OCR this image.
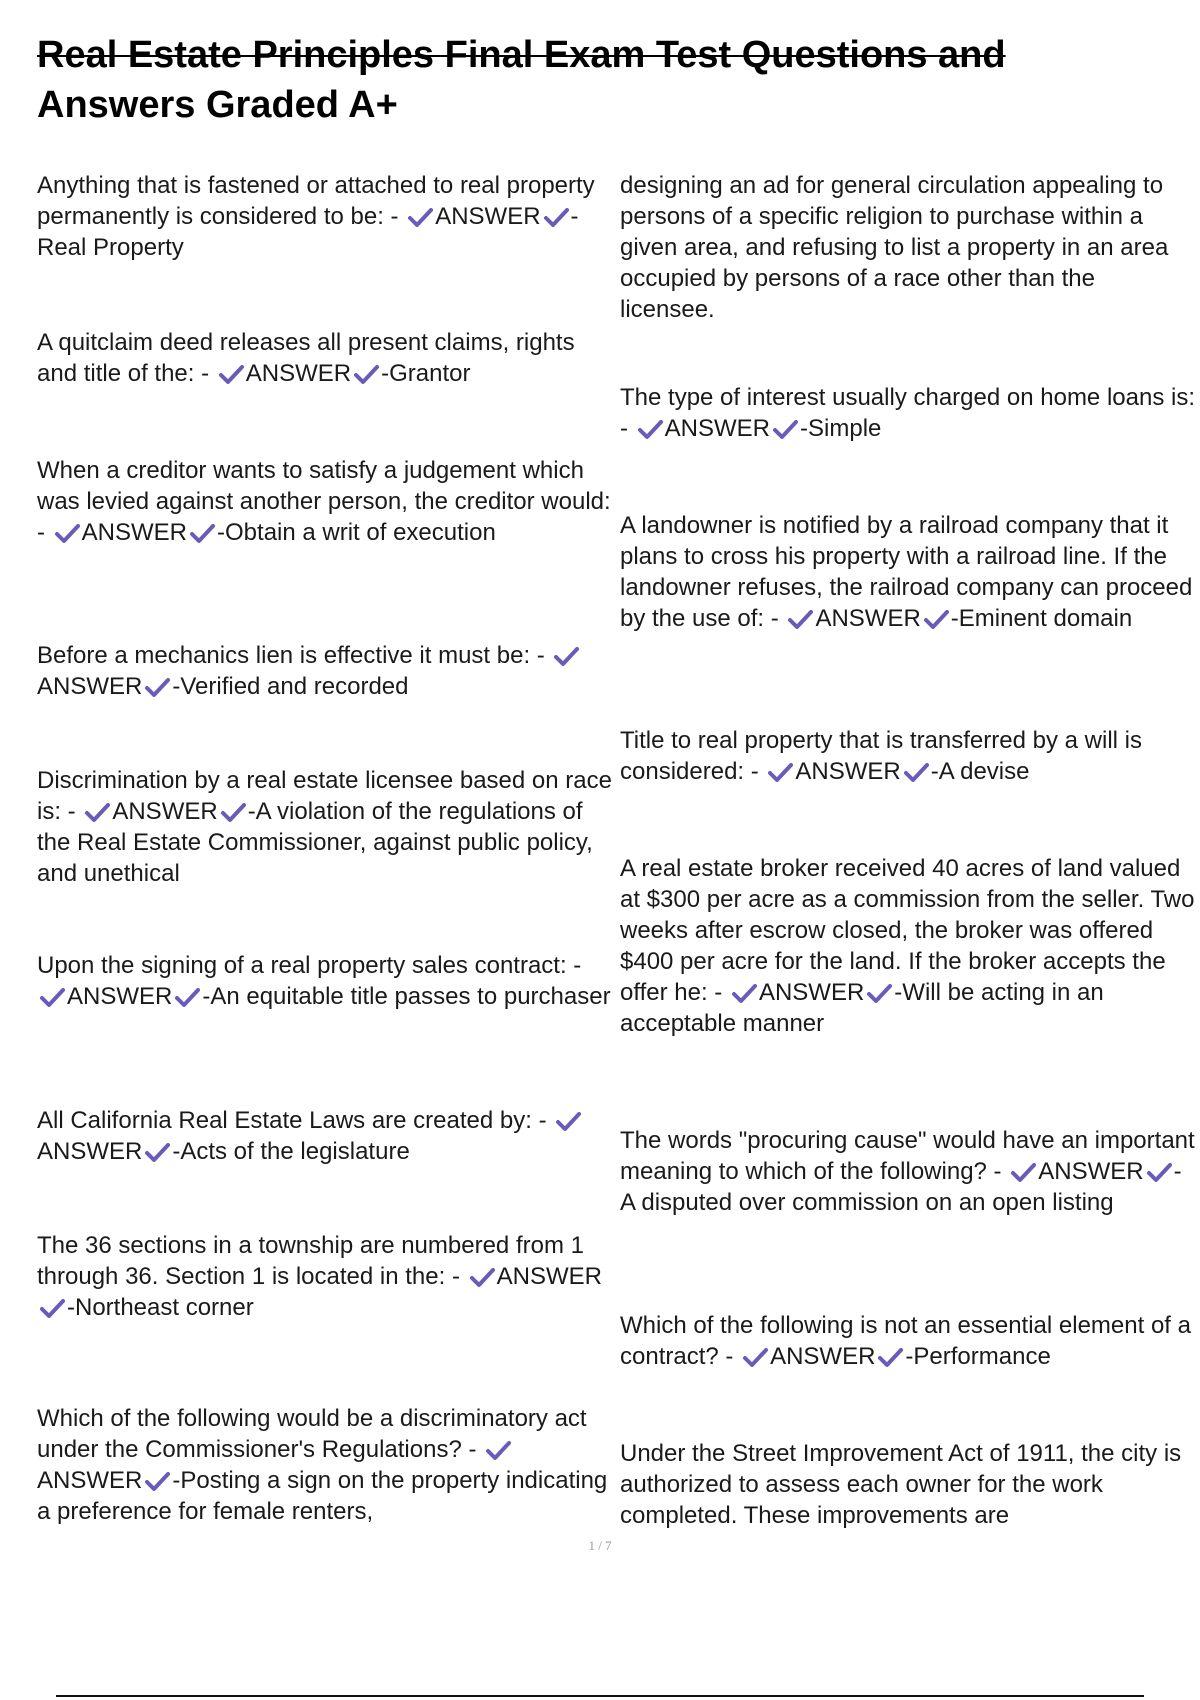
Real Estate Principles Final Exam Test Questions and
Answers Graded A+
Anything that is fastened or attached to real property permanently is considered to be: - ANSWER -Real Property
A quitclaim deed releases all present claims, rights and title of the: - ANSWER -Grantor
When a creditor wants to satisfy a judgement which was levied against another person, the creditor would: - ANSWER -Obtain a writ of execution
Before a mechanics lien is effective it must be: -
ANSWER -Verified and recorded
Discrimination by a real estate licensee based on race is: - ANSWER -A violation of the regulations of the Real Estate Commissioner, against public policy, and unethical
Upon the signing of a real property sales contract: -
ANSWER -An equitable title passes to purchaser
All California Real Estate Laws are created by: -
ANSWER -Acts of the legislature
The 36 sections in a township are numbered from 1 through 36. Section 1 is located in the: - ANSWER
-Northeast corner
Which of the following would be a discriminatory act under the Commissioner's Regulations? -
ANSWER -Posting a sign on the property indicating a preference for female renters,
designing an ad for general circulation appealing to persons of a specific religion to purchase within a given area, and refusing to list a property in an area occupied by persons of a race other than the licensee.
The type of interest usually charged on home loans is: - ANSWER -Simple
A landowner is notified by a railroad company that it plans to cross his property with a railroad line. If the landowner refuses, the railroad company can proceed by the use of: - ANSWER -Eminent domain
Title to real property that is transferred by a will is considered: - ANSWER -A devise
A real estate broker received 40 acres of land valued at $300 per acre as a commission from the seller. Two weeks after escrow closed, the broker was offered $400 per acre for the land. If the broker accepts the offer he: - ANSWER -Will be acting in an acceptable manner
The words "procuring cause" would have an important meaning to which of the following? - ANSWER -A disputed over commission on an open listing
Which of the following is not an essential element of a contract? - ANSWER -Performance
Under the Street Improvement Act of 1911, the city is authorized to assess each owner for the work completed. These improvements are
1 / 7
